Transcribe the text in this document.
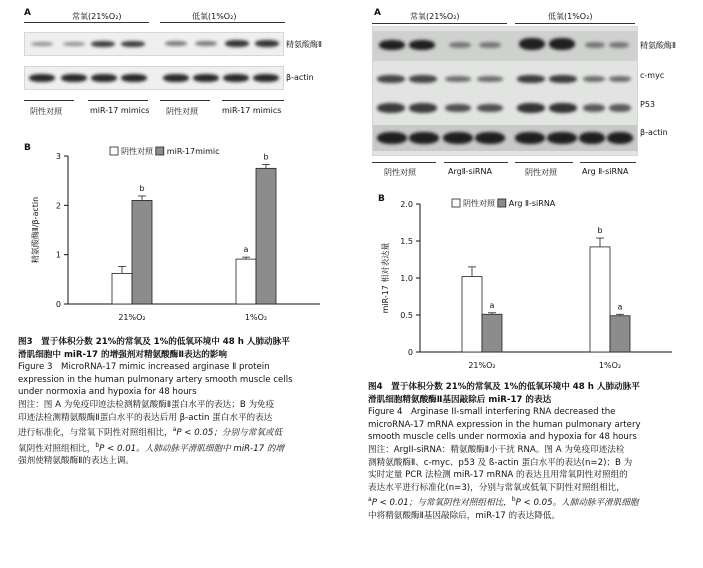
A	常氧(21%O₂)	低氧(1%O₂)
精氨酸酶Ⅱ
β-actin
阴性对照	miR-17 mimics 阴性对照	miR-17 mimics
B
0
1
2
3
精氨酸酶Ⅱ/β-actin
b
21%O₂
a
b
1%O₂
阴性对照 miR-17mimic
图3　置于体积分数 21%的常氧及 1%的低氧环境中 48 h 人肺动脉平
滑肌细胞中 miR-17 的增强剂对精氨酸酶Ⅱ表达的影响
Figure 3　MicroRNA-17 mimic increased arginase Ⅱ protein
expression in the human pulmonary artery smooth muscle cells
under normoxia and hypoxia for 48 hours
图注：图 A 为免疫印迹法检测精氨酸酶Ⅱ蛋白水平的表达；B 为免疫
印迹法检测精氨酸酶Ⅱ蛋白水平的表达后用 β-actin 蛋白水平的表达
进行标准化，与常氧下阴性对照组相比，$^a$P < 0.05；分别与常氧或低
氧阴性对照组相比，$^b$P < 0.01。人肺动脉平滑肌细胞中 miR-17 的增
强剂使精氨酸酶Ⅱ的表达上调。
A	常氧(21%O₂)	低氧(1%O₂)
精氨酸酶Ⅱ
c-myc
P53
β-actin
阴性对照	ArgⅡ-siRNA	阴性对照	Arg Ⅱ-siRNA
B
0
0.5
1.0
1.5
2.0
miR-17 相对表达量	a
21%O₂
b
a
1%O₂
阴性对照 Arg Ⅱ-siRNA
图4　置于体积分数 21%的常氧及 1%的低氧环境中 48 h 人肺动脉平
滑肌细胞精氨酸酶Ⅱ基因敲除后 miR-17 的表达
Figure 4　Arginase II-small interfering RNA decreased the
microRNA-17 mRNA expression in the human pulmonary artery
smooth muscle cells under normoxia and hypoxia for 48 hours
图注：ArgII-siRNA：精氨酸酶Ⅱ小干扰 RNA。图 A 为免疫印迹法检
测精氨酸酶Ⅱ、c-myc、p53 及 ß-actin 蛋白水平的表达(n=2)；B 为
实时定量 PCR 法检测 miR-17 mRNA 的表达且用常氧阴性对照组的
表达水平进行标准化(n=3)，分别与常氧或低氧下阴性对照组相比，
$^a$P < 0.01；与常氧阴性对照组相比，$^b$P < 0.05。人肺动脉平滑肌细胞
中将精氨酸酶Ⅱ基因敲除后，miR-17 的表达降低。
